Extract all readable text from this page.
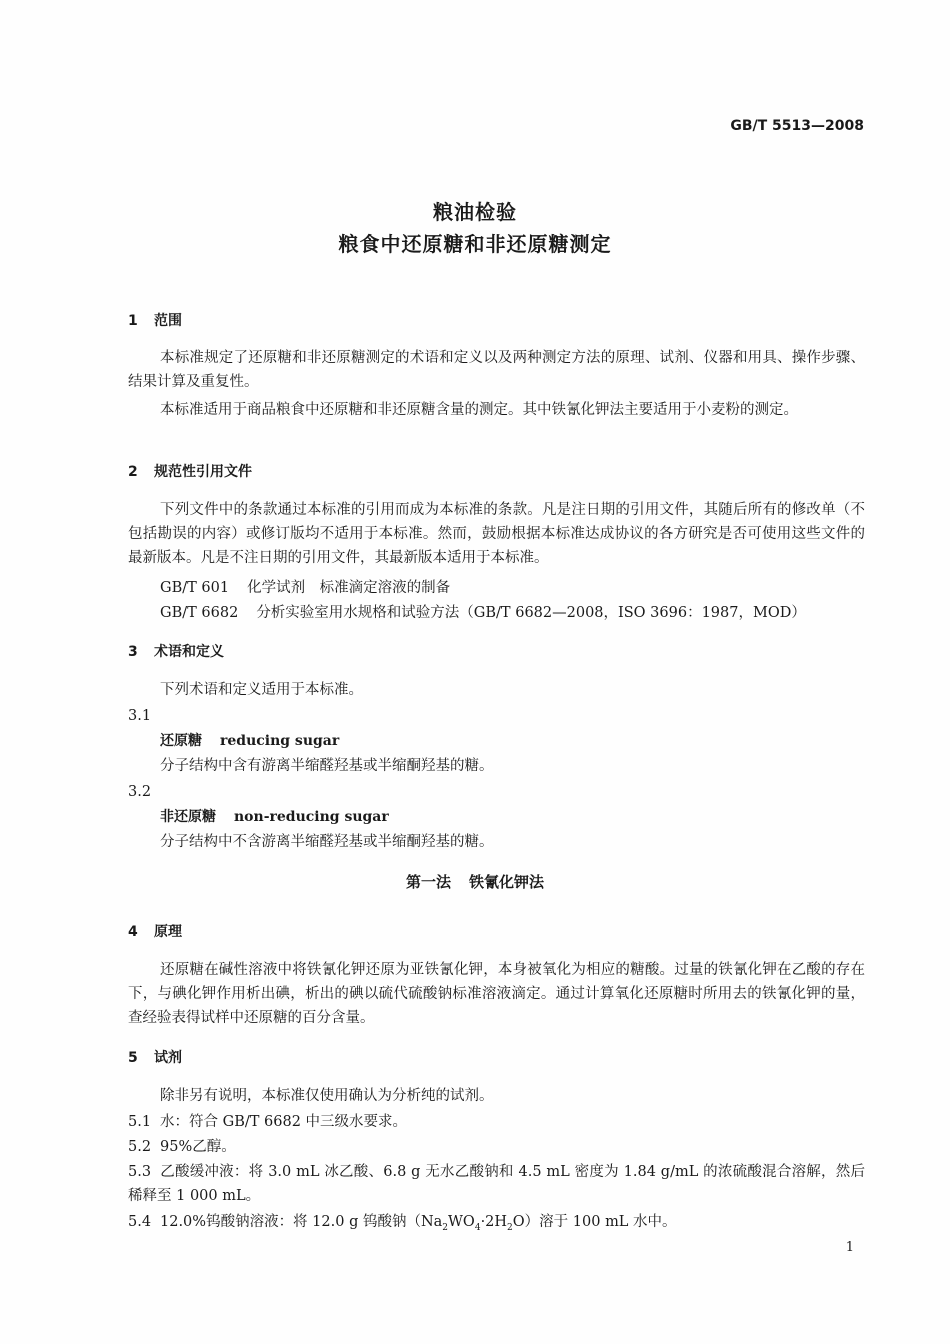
GB/T 5513—2008
粮油检验
粮食中还原糖和非还原糖测定
1 范围
本标准规定了还原糖和非还原糖测定的术语和定义以及两种测定方法的原理、试剂、仪器和用具、操作步骤、结果计算及重复性。
本标准适用于商品粮食中还原糖和非还原糖含量的测定。其中铁氰化钾法主要适用于小麦粉的测定。
2 规范性引用文件
下列文件中的条款通过本标准的引用而成为本标准的条款。凡是注日期的引用文件，其随后所有的修改单（不包括勘误的内容）或修订版均不适用于本标准。然而，鼓励根据本标准达成协议的各方研究是否可使用这些文件的最新版本。凡是不注日期的引用文件，其最新版本适用于本标准。
GB/T 601 化学试剂　标准滴定溶液的制备
GB/T 6682 分析实验室用水规格和试验方法（GB/T 6682—2008，ISO 3696：1987，MOD）
3 术语和定义
下列术语和定义适用于本标准。
3.1
还原糖 reducing sugar
分子结构中含有游离半缩醛羟基或半缩酮羟基的糖。
3.2
非还原糖 non-reducing sugar
分子结构中不含游离半缩醛羟基或半缩酮羟基的糖。
第一法 铁氰化钾法
4 原理
还原糖在碱性溶液中将铁氰化钾还原为亚铁氰化钾，本身被氧化为相应的糖酸。过量的铁氰化钾在乙酸的存在下，与碘化钾作用析出碘，析出的碘以硫代硫酸钠标准溶液滴定。通过计算氧化还原糖时所用去的铁氰化钾的量，查经验表得试样中还原糖的百分含量。
5 试剂
除非另有说明，本标准仅使用确认为分析纯的试剂。
5.1 水：符合 GB/T 6682 中三级水要求。
5.2 95%乙醇。
5.3 乙酸缓冲液：将 3.0 mL 冰乙酸、6.8 g 无水乙酸钠和 4.5 mL 密度为 1.84 g/mL 的浓硫酸混合溶解，然后稀释至 1 000 mL。
5.4 12.0%钨酸钠溶液：将 12.0 g 钨酸钠$(Na_2WO_4\cdot 2H_2O)$溶于 100 mL 水中。
1
